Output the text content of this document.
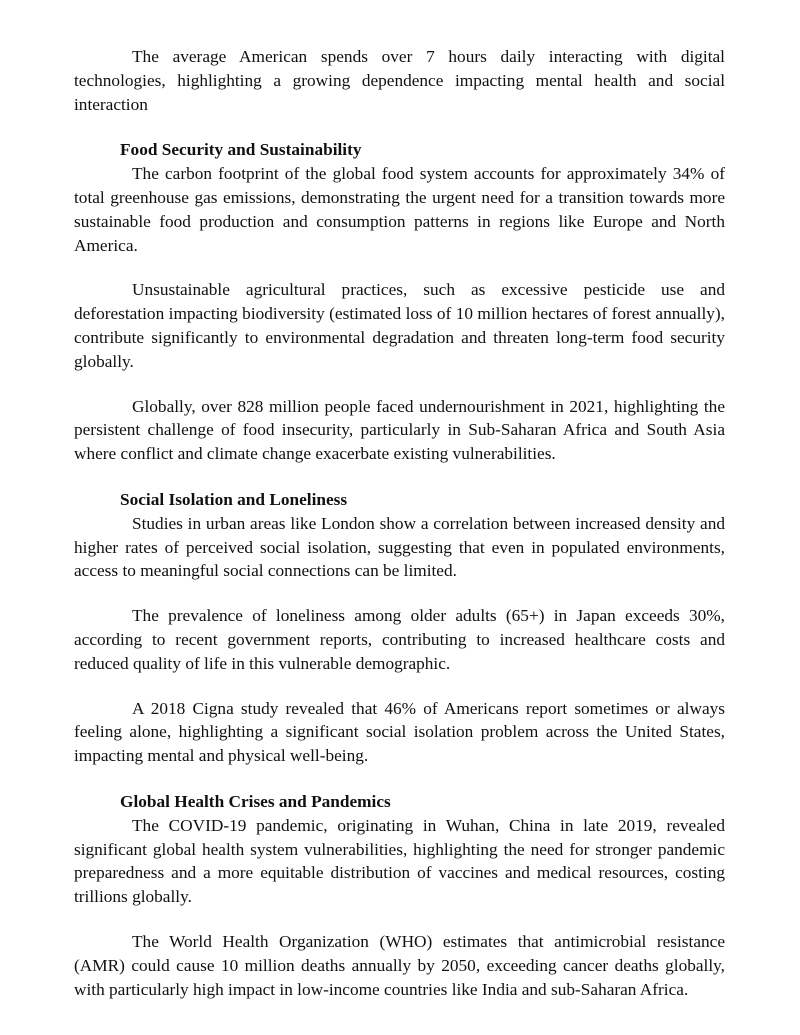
The average American spends over 7 hours daily interacting with digital technologies, highlighting a growing dependence impacting mental health and social interaction

Food Security and Sustainability

The carbon footprint of the global food system accounts for approximately 34% of total greenhouse gas emissions, demonstrating the urgent need for a transition towards more sustainable food production and consumption patterns in regions like Europe and North America.

Unsustainable agricultural practices, such as excessive pesticide use and deforestation impacting biodiversity (estimated loss of 10 million hectares of forest annually), contribute significantly to environmental degradation and threaten long-term food security globally.

Globally, over 828 million people faced undernourishment in 2021, highlighting the persistent challenge of food insecurity, particularly in Sub-Saharan Africa and South Asia where conflict and climate change exacerbate existing vulnerabilities.

Social Isolation and Loneliness

Studies in urban areas like London show a correlation between increased density and higher rates of perceived social isolation, suggesting that even in populated environments, access to meaningful social connections can be limited.

The prevalence of loneliness among older adults (65+) in Japan exceeds 30%, according to recent government reports, contributing to increased healthcare costs and reduced quality of life in this vulnerable demographic.

A 2018 Cigna study revealed that 46% of Americans report sometimes or always feeling alone, highlighting a significant social isolation problem across the United States, impacting mental and physical well-being.

Global Health Crises and Pandemics

The COVID-19 pandemic, originating in Wuhan, China in late 2019, revealed significant global health system vulnerabilities, highlighting the need for stronger pandemic preparedness and a more equitable distribution of vaccines and medical resources, costing trillions globally.

The World Health Organization (WHO) estimates that antimicrobial resistance (AMR) could cause 10 million deaths annually by 2050, exceeding cancer deaths globally, with particularly high impact in low-income countries like India and sub-Saharan Africa.
